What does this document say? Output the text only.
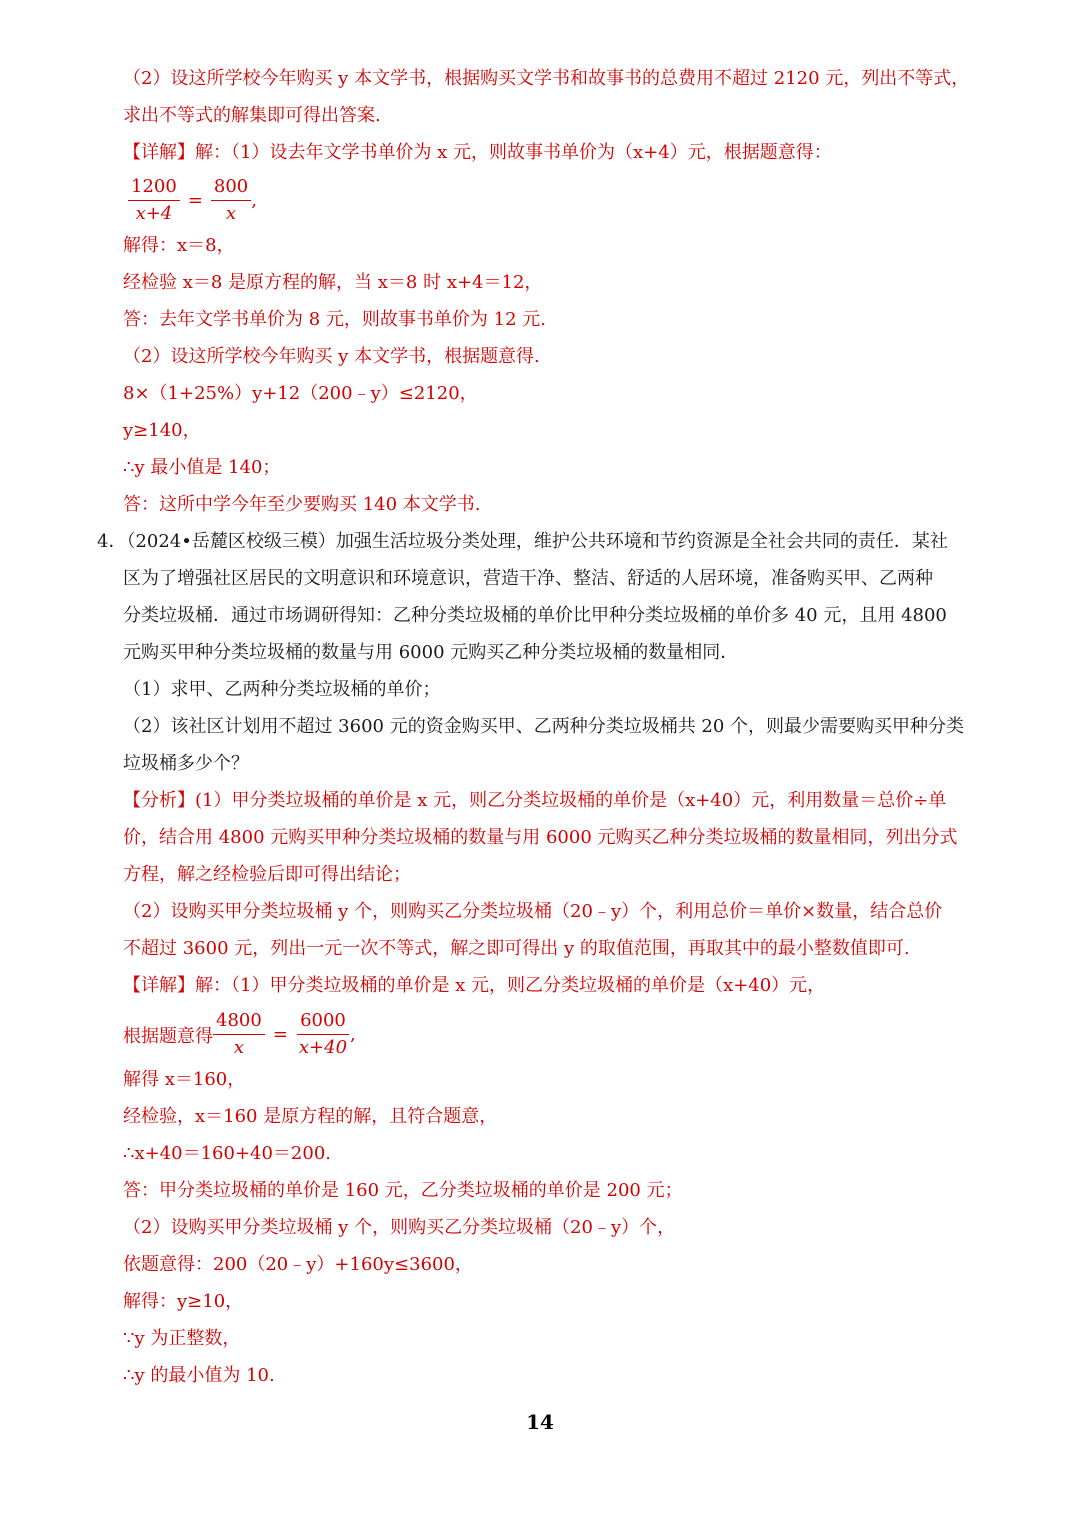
（2）设这所学校今年购买 y 本文学书，根据购买文学书和故事书的总费用不超过 2120 元，列出不等式，
求出不等式的解集即可得出答案.
【详解】解：（1）设去年文学书单价为 x 元，则故事书单价为（x+4）元，根据题意得：
$\frac{1200}{x+4} = \frac{800}{x}$ ,
解得：x＝8，
经检验 x＝8 是原方程的解，当 x＝8 时 x+4＝12，
答：去年文学书单价为 8 元，则故事书单价为 12 元.
（2）设这所学校今年购买 y 本文学书，根据题意得.
8×（1+25%）y+12（200﹣y）≤2120，
y≥140，
∴y 最小值是 140；
答：这所中学今年至少要购买 140 本文学书.
4．（2024•岳麓区校级三模）加强生活垃圾分类处理，维护公共环境和节约资源是全社会共同的责任．某社
区为了增强社区居民的文明意识和环境意识，营造干净、整洁、舒适的人居环境，准备购买甲、乙两种
分类垃圾桶．通过市场调研得知：乙种分类垃圾桶的单价比甲种分类垃圾桶的单价多 40 元，且用 4800
元购买甲种分类垃圾桶的数量与用 6000 元购买乙种分类垃圾桶的数量相同．
（1）求甲、乙两种分类垃圾桶的单价；
（2）该社区计划用不超过 3600 元的资金购买甲、乙两种分类垃圾桶共 20 个，则最少需要购买甲种分类
垃圾桶多少个？
【分析】(1）甲分类垃圾桶的单价是 x 元，则乙分类垃圾桶的单价是（x+40）元，利用数量＝总价÷单
价，结合用 4800 元购买甲种分类垃圾桶的数量与用 6000 元购买乙种分类垃圾桶的数量相同，列出分式
方程，解之经检验后即可得出结论；
（2）设购买甲分类垃圾桶 y 个，则购买乙分类垃圾桶（20﹣y）个，利用总价＝单价×数量，结合总价
不超过 3600 元，列出一元一次不等式，解之即可得出 y 的取值范围，再取其中的最小整数值即可.
【详解】解：（1）甲分类垃圾桶的单价是 x 元，则乙分类垃圾桶的单价是（x+40）元，
根据题意得 $\frac{4800}{x} = \frac{6000}{x+40}$ ,
解得 x＝160，
经检验，x＝160 是原方程的解，且符合题意，
∴x+40＝160+40＝200.
答：甲分类垃圾桶的单价是 160 元，乙分类垃圾桶的单价是 200 元；
（2）设购买甲分类垃圾桶 y 个，则购买乙分类垃圾桶（20﹣y）个，
依题意得：200（20﹣y）+160y≤3600，
解得：y≥10，
∵y 为正整数，
∴y 的最小值为 10.
14
